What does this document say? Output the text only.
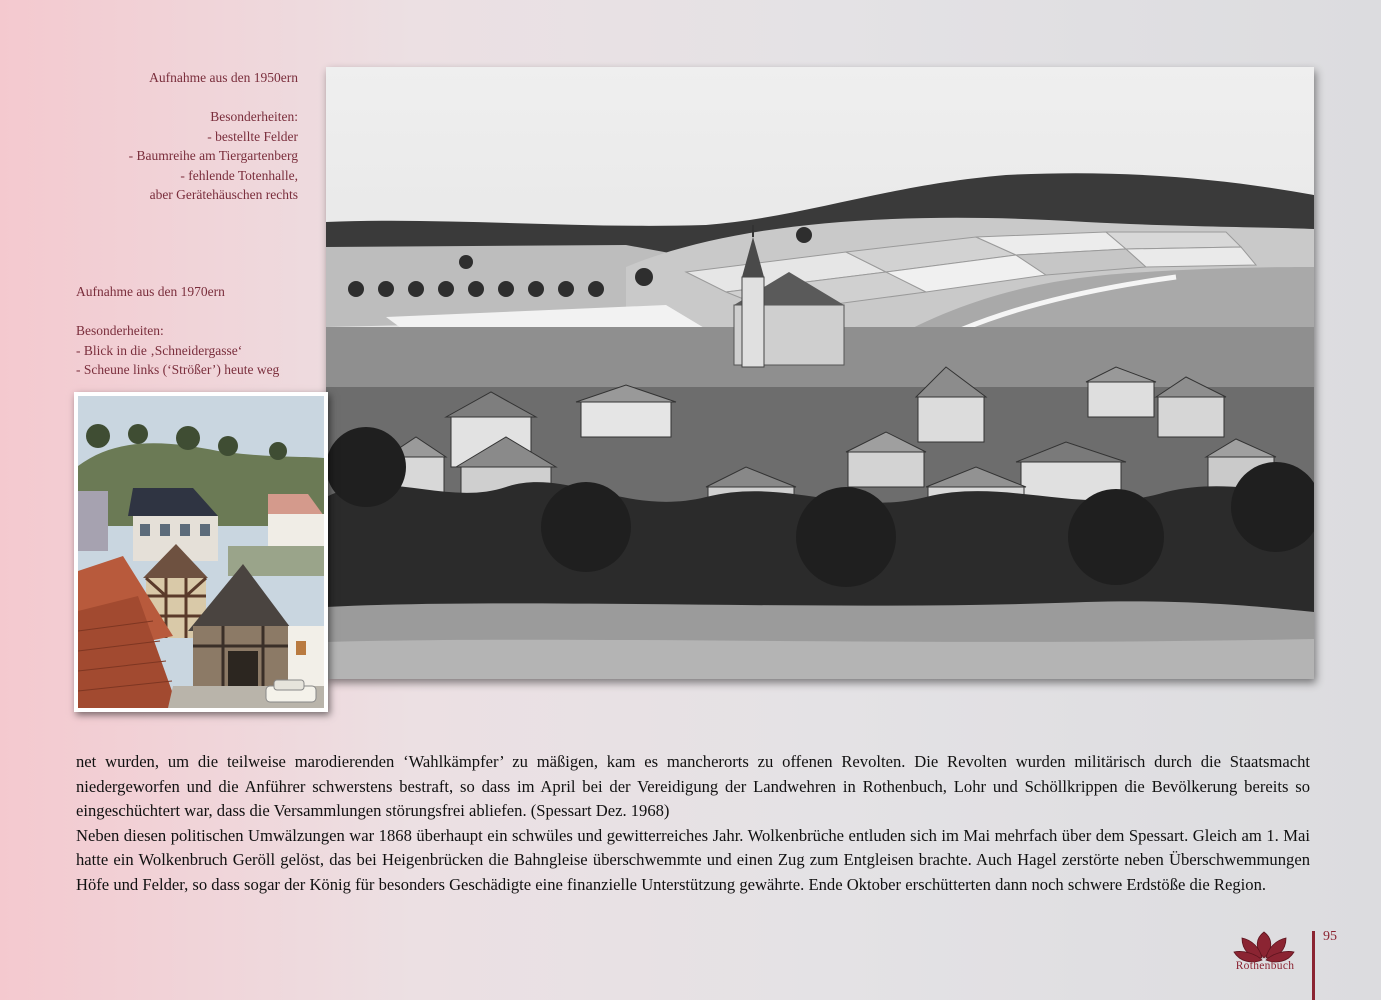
Aufnahme aus den 1950ern

Besonderheiten:

- bestellte Felder

- Baumreihe am Tiergartenberg

- fehlende Totenhalle,

aber Gerätehäuschen rechts

Aufnahme aus den 1970ern

Besonderheiten:

- Blick in die ‚Schneidergasse‘

- Scheune links (‘Strößer’) heute weg

net wurden, um die teilweise marodierenden ‘Wahlkämpfer’ zu mäßigen, kam es mancherorts zu offenen Revolten. Die Revolten wurden militärisch durch die Staatsmacht niedergeworfen und die Anführer schwerstens bestraft, so dass im April bei der Vereidigung der Landwehren in Rothenbuch, Lohr und Schöllkrippen die Bevölkerung bereits so eingeschüchtert war, dass die Versammlungen störungsfrei abliefen. (Spessart Dez. 1968)

Neben diesen politischen Umwälzungen war 1868 überhaupt ein schwüles und gewitterreiches Jahr. Wolkenbrüche entluden sich im Mai mehrfach über dem Spessart. Gleich am 1. Mai hatte ein Wolkenbruch Geröll gelöst, das bei Heigenbrücken die Bahngleise überschwemmte und einen Zug zum Entgleisen brachte. Auch Hagel zerstörte neben Überschwemmungen Höfe und Felder, so dass sogar der König für besonders Geschädigte eine finanzielle Unterstützung gewährte. Ende Oktober erschütterten dann noch schwere Erdstöße die Region.

Rothenbuch
95
